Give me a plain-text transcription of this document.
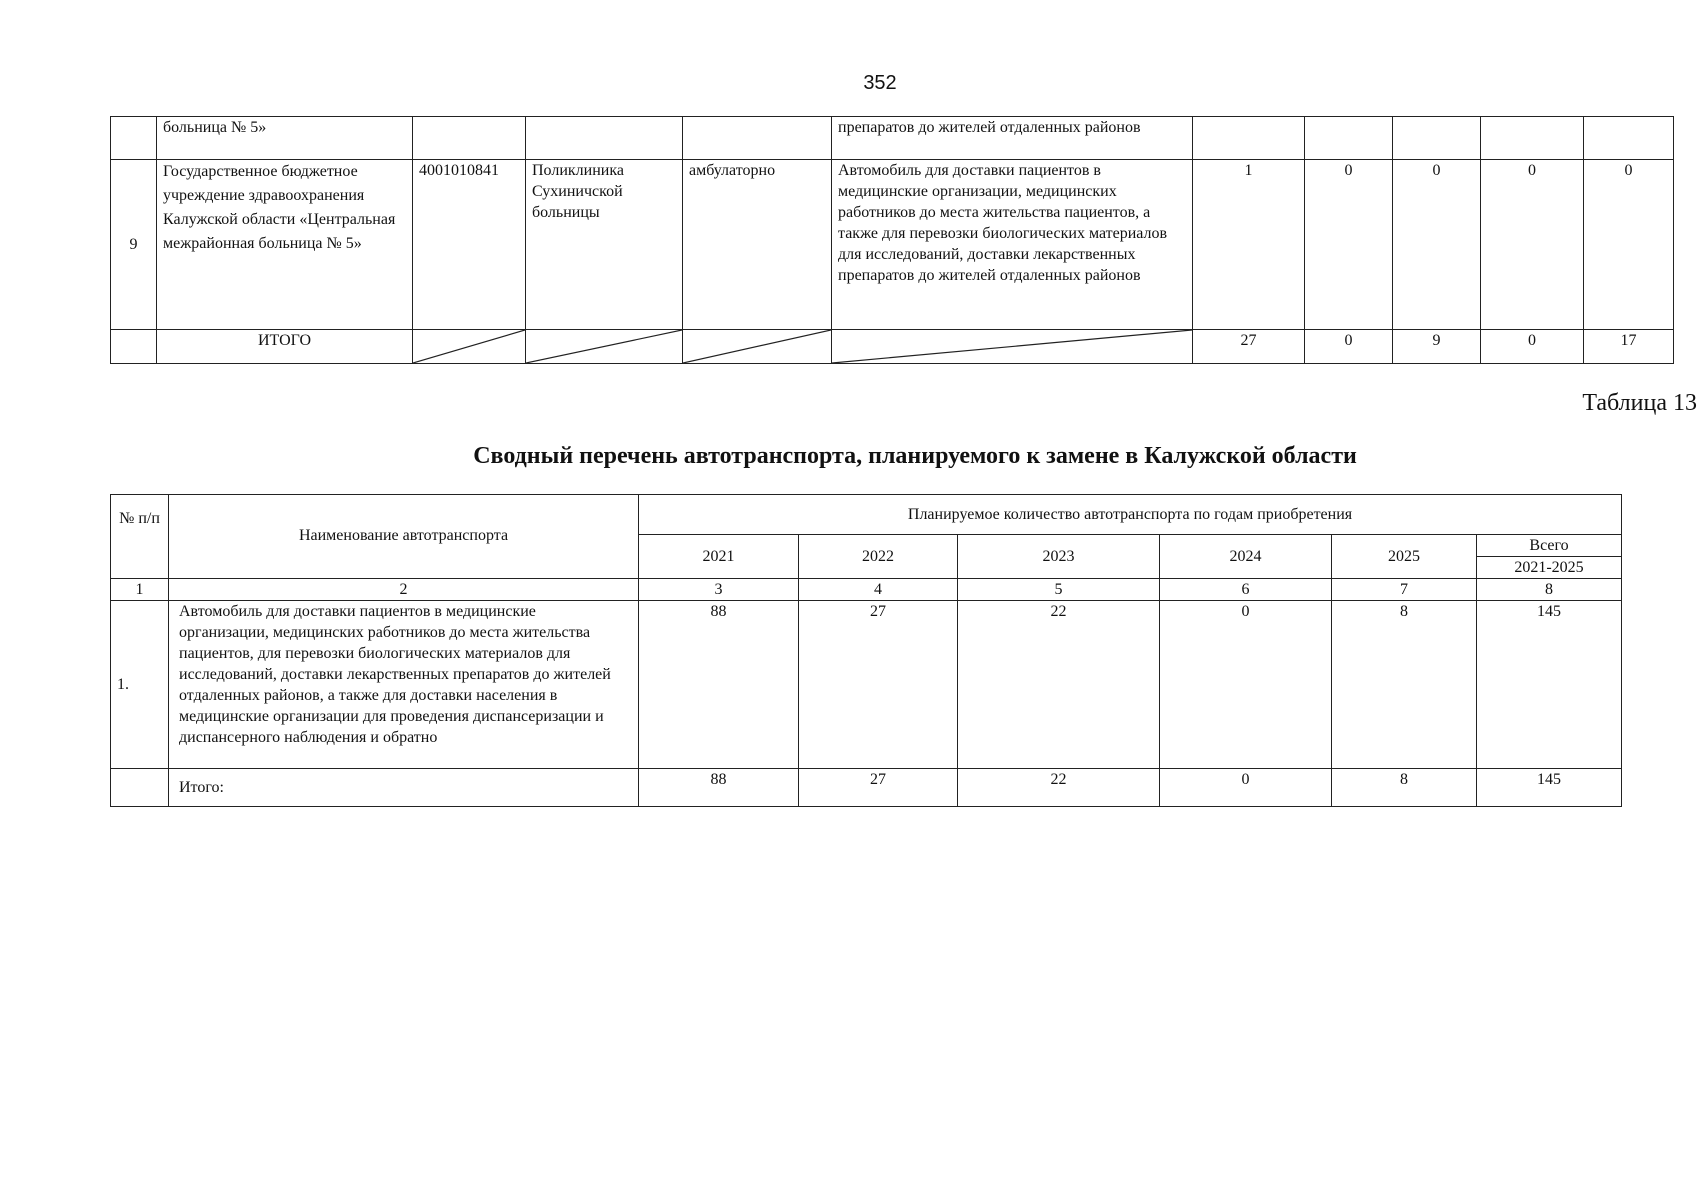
352
	больница № 5»				препаратов до жителей отдаленных районов					
9	Государственное бюджетное учреждение здравоохранения Калужской области «Центральная межрайонная больница № 5»	4001010841	Поликлиника Сухиничской больницы	амбулаторно	Автомобиль для доставки пациентов в медицинские организации, медицинских работников до места жительства пациентов, а также для перевозки биологических материалов для исследований, доставки лекарственных препаратов до жителей отдаленных районов	1	0	0	0	0
	ИТОГО					27	0	9	0	17
Таблица 13
Сводный перечень автотранспорта, планируемого к замене в Калужской области
№ п/п	Наименование автотранспорта	Планируемое количество автотранспорта по годам приобретения					
		2021	2022	2023	2024	2025	Всего
							2021-2025
1	2	3	4	5	6	7	8
1.	Автомобиль для доставки пациентов в медицинские организации, медицинских работников до места жительства пациентов, для перевозки биологических материалов для исследований, доставки лекарственных препаратов до жителей отдаленных районов, а также для доставки населения в медицинские организации для проведения диспансеризации и диспансерного наблюдения и обратно	88	27	22	0	8	145
	Итого:	88	27	22	0	8	145
